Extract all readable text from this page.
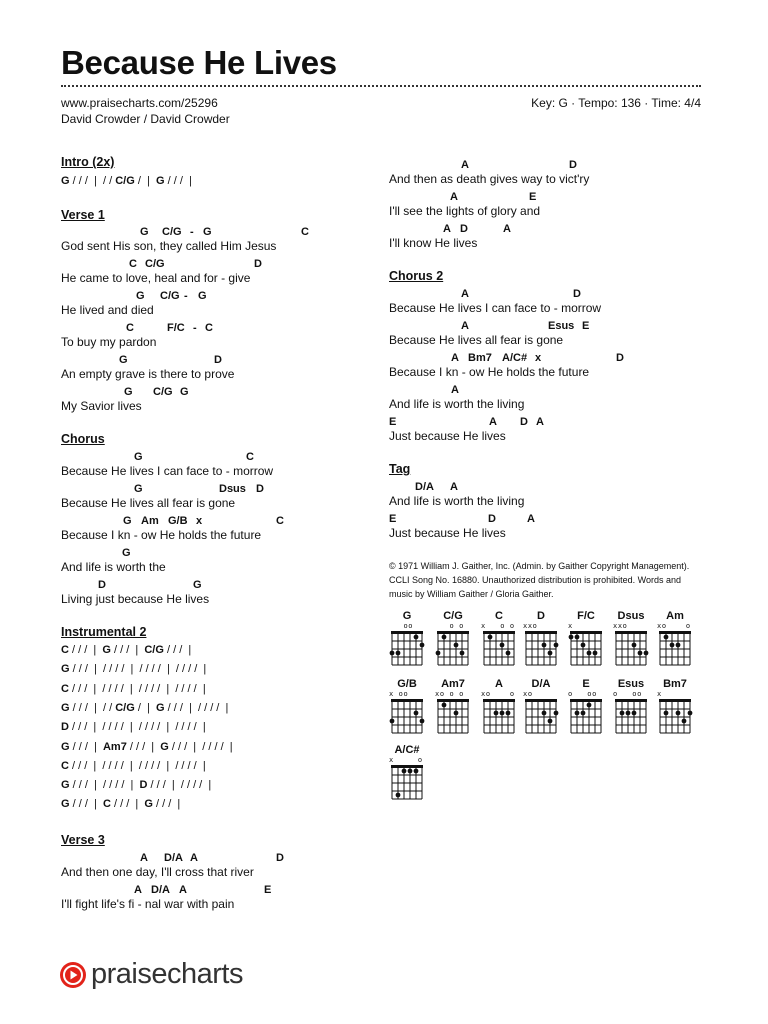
Because He Lives
www.praisecharts.com/25296
David Crowder / David Crowder
Key: G · Tempo: 136 · Time: 4/4
Intro (2x)
Verse 1
Chorus
Instrumental 2
Verse 3
Chorus 2
Tag
G C/G - G	C
God sent His son, they called Him Jesus
C C/G	D
He came to love, heal and for - give
G C/G - G
He lived and died
C	F/C - C
To buy my pardon
G	D
An empty grave is there to prove
G C/G G
My Savior lives
G	C
Because He lives I can face to - morrow
G	Dsus D
Because He lives all fear is gone
G Am G/B x	C
Because I kn - ow He holds the future
G
And life is worth the
D	G
Living just because He lives
A D/A A	D
And then one day, I'll cross that river
A D/A A	E
I'll fight life's fi - nal war with pain
A	D
And then as death gives way to vict'ry
A	E
I'll see the lights of glory and
A D	A
I'll know He lives
A	D
Because He lives I can face to - morrow
A	Esus E
Because He lives all fear is gone
A Bm7 A/C# x	D
Because I kn - ow He holds the future
A
And life is worth the living
E	A D A
Just because He lives
D/A A
And life is worth the living
E	D	A
Just because He lives
G / / /  |  / / C/G /  |  G / / /  |
C / / /  |  G / / /  |  C/G / / /  |
G / / /  |  / / / /  |  / / / /  |  / / / /  |
C / / /  |  / / / /  |  / / / /  |  / / / /  |
G / / /  |  / / C/G /  |  G / / /  |  / / / /  |
D / / /  |  / / / /  |  / / / /  |  / / / /  |
G / / /  |  Am7 / / /  |  G / / /  |  / / / /  |
C / / /  |  / / / /  |  / / / /  |  / / / /  |
G / / /  |  / / / /  |  D / / /  |  / / / /  |
G / / /  |  C / / /  |  G / / /  |
© 1971 William J. Gaither, Inc. (Admin. by Gaither Copyright Management). CCLI Song No. 16880. Unauthorized distribution is prohibited. Words and music by William Gaither / Gloria Gaither.
G
oo
C/G
o o
C
x   o o
D
xxo
F/C
x
Dsus
xxo
Am
xo    o
G/B
x oo
Am7
xo o o
A
xo    o
D/A
xo
E
o   oo
Esus
o   oo
Bm7
x
A/C#
x     o
praisecharts
